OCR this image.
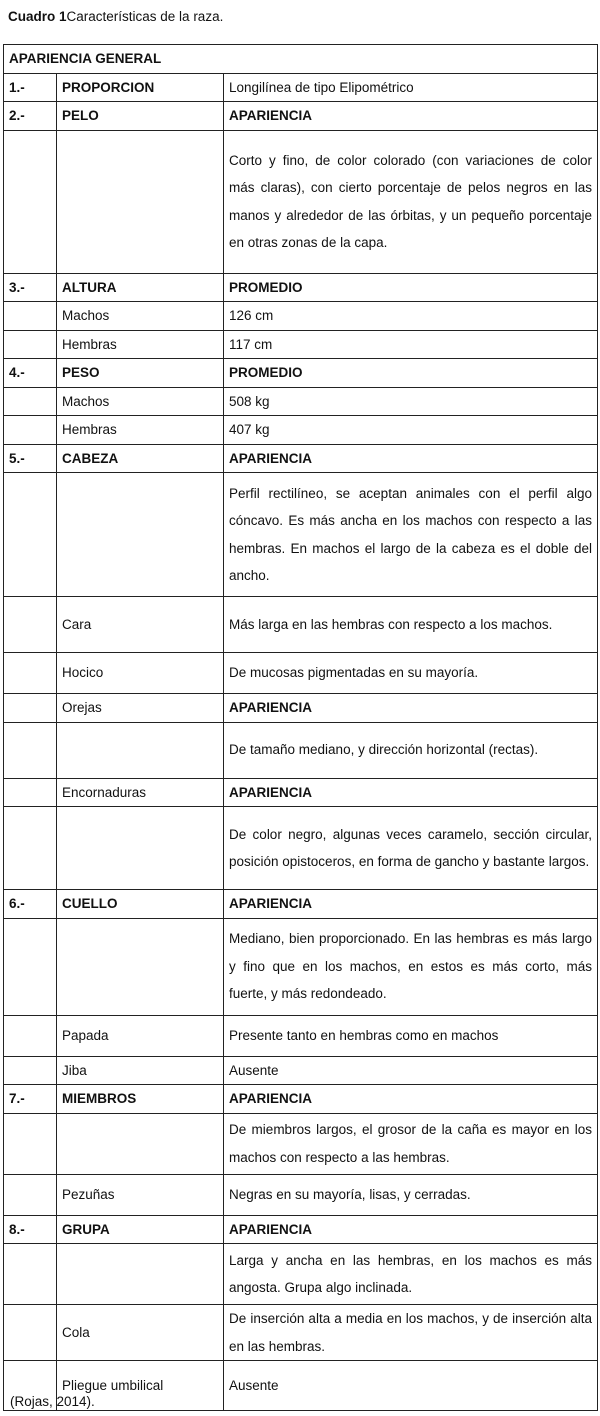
Cuadro 1Características de la raza.
APARIENCIA GENERAL		
1.-	PROPORCION	Longilínea de tipo Elipométrico
2.-	PELO	APARIENCIA
		Corto y fino, de color colorado (con variaciones de color más claras), con cierto porcentaje de pelos negros en las manos y alrededor de las órbitas, y un pequeño porcentaje en otras zonas de la capa.
3.-	ALTURA	PROMEDIO
	Machos	126 cm
	Hembras	117 cm
4.-	PESO	PROMEDIO
	Machos	508 kg
	Hembras	407 kg
5.-	CABEZA	APARIENCIA
		Perfil rectilíneo, se aceptan animales con el perfil algo cóncavo. Es más ancha en los machos con respecto a las hembras. En machos el largo de la cabeza es el doble del ancho.
	Cara	Más larga en las hembras con respecto a los machos.
	Hocico	De mucosas pigmentadas en su mayoría.
	Orejas	APARIENCIA
		De tamaño mediano, y dirección horizontal (rectas).
	Encornaduras	APARIENCIA
		De color negro, algunas veces caramelo, sección circular, posición opistoceros, en forma de gancho y bastante largos.
6.-	CUELLO	APARIENCIA
		Mediano, bien proporcionado. En las hembras es más largo y fino que en los machos, en estos es más corto, más fuerte, y más redondeado.
	Papada	Presente tanto en hembras como en machos
	Jiba	Ausente
7.-	MIEMBROS	APARIENCIA
		De miembros largos, el grosor de la caña es mayor en los machos con respecto a las hembras.
	Pezuñas	Negras en su mayoría, lisas, y cerradas.
8.-	GRUPA	APARIENCIA
		Larga y ancha en las hembras, en los machos es más angosta. Grupa algo inclinada.
	Cola	De inserción alta a media en los machos, y de inserción alta en las hembras.
	Pliegue umbilical	Ausente
(Rojas, 2014).
